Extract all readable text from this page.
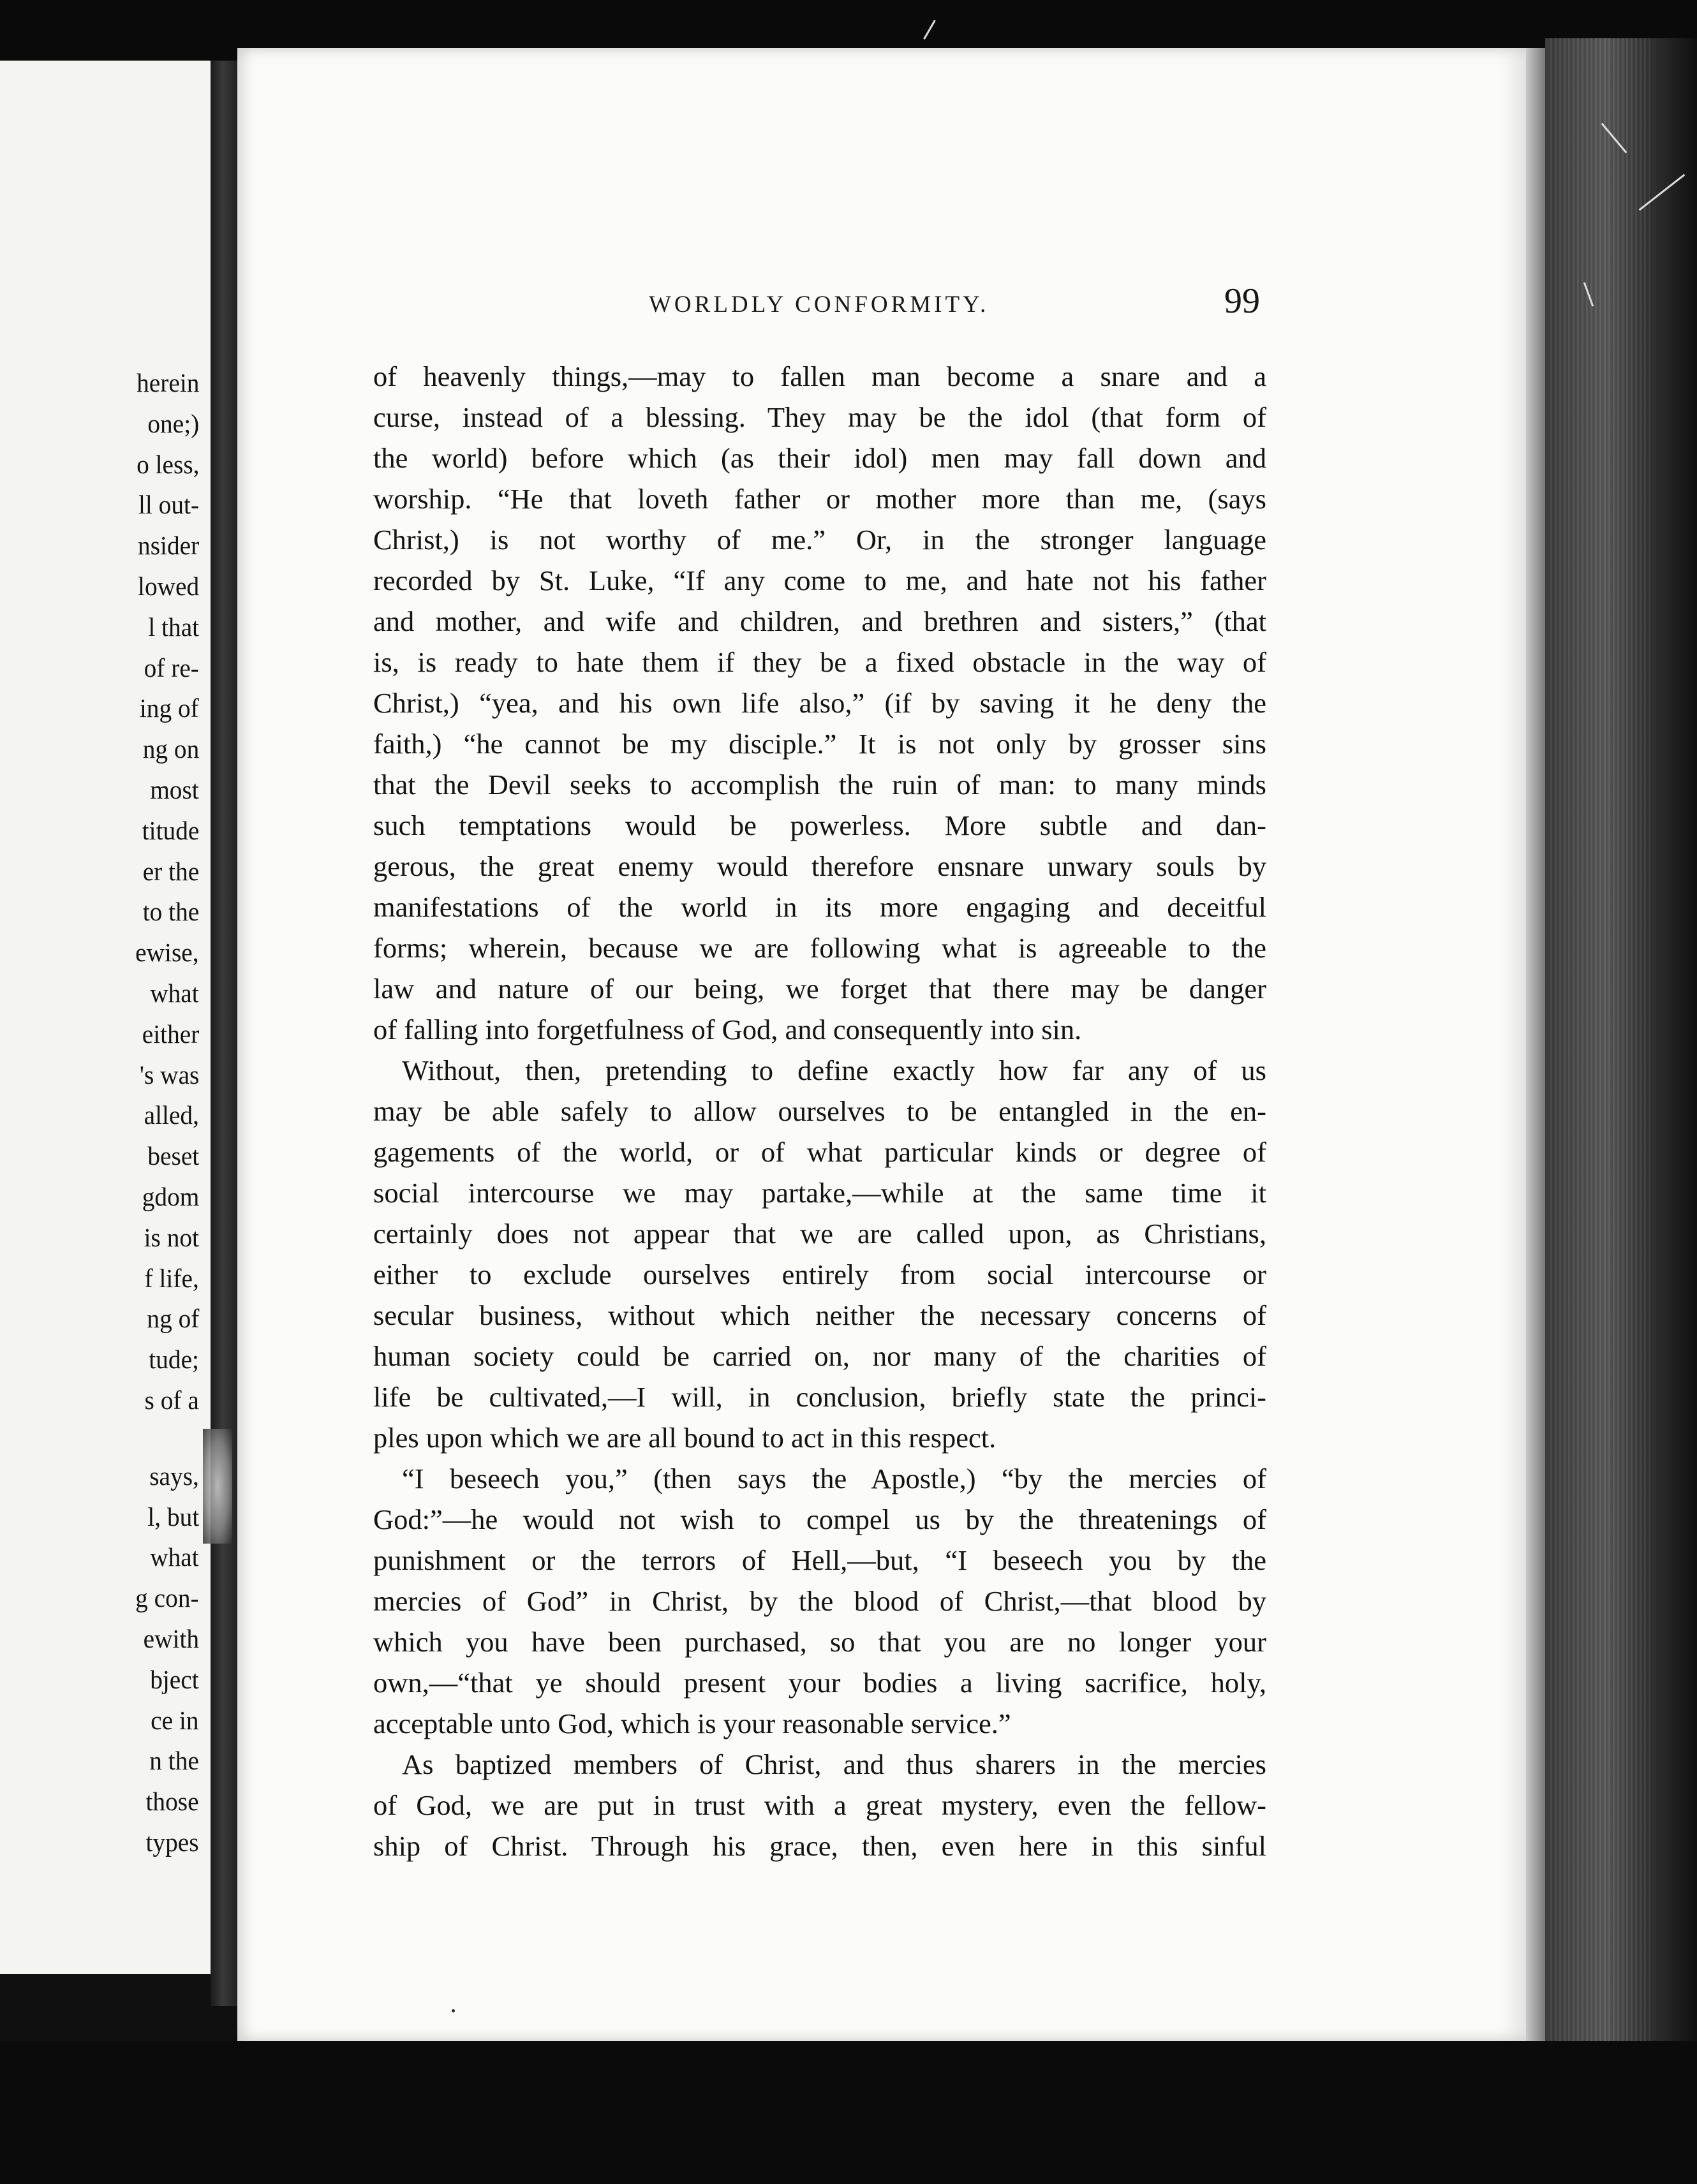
herein
one;)
o less,
ll out-
nsider
lowed
l that
of re-
ing of
ng on
most
titude
er the
to the
ewise,
what
either
's was
alled,
beset
gdom
is not
f life,
ng of
tude;
s of a
says,
l, but
what
g con-
ewith
bject
ce in
n the
those
types
WORLDLY CONFORMITY.	99
of heavenly things,—may to fallen man become a snare and a
curse, instead of a blessing. They may be the idol (that form of
the world) before which (as their idol) men may fall down and
worship. “He that loveth father or mother more than me, (says
Christ,) is not worthy of me.” Or, in the stronger language
recorded by St. Luke, “If any come to me, and hate not his father
and mother, and wife and children, and brethren and sisters,” (that
is, is ready to hate them if they be a fixed obstacle in the way of
Christ,) “yea, and his own life also,” (if by saving it he deny the
faith,) “he cannot be my disciple.” It is not only by grosser sins
that the Devil seeks to accomplish the ruin of man: to many minds
such temptations would be powerless. More subtle and dan-
gerous, the great enemy would therefore ensnare unwary souls by
manifestations of the world in its more engaging and deceitful
forms; wherein, because we are following what is agreeable to the
law and nature of our being, we forget that there may be danger
of falling into forgetfulness of God, and consequently into sin.
Without, then, pretending to define exactly how far any of us
may be able safely to allow ourselves to be entangled in the en-
gagements of the world, or of what particular kinds or degree of
social intercourse we may partake,—while at the same time it
certainly does not appear that we are called upon, as Christians,
either to exclude ourselves entirely from social intercourse or
secular business, without which neither the necessary concerns of
human society could be carried on, nor many of the charities of
life be cultivated,—I will, in conclusion, briefly state the princi-
ples upon which we are all bound to act in this respect.
“I beseech you,” (then says the Apostle,) “by the mercies of
God:”—he would not wish to compel us by the threatenings of
punishment or the terrors of Hell,—but, “I beseech you by the
mercies of God” in Christ, by the blood of Christ,—that blood by
which you have been purchased, so that you are no longer your
own,—“that ye should present your bodies a living sacrifice, holy,
acceptable unto God, which is your reasonable service.”
As baptized members of Christ, and thus sharers in the mercies
of God, we are put in trust with a great mystery, even the fellow-
ship of Christ. Through his grace, then, even here in this sinful
